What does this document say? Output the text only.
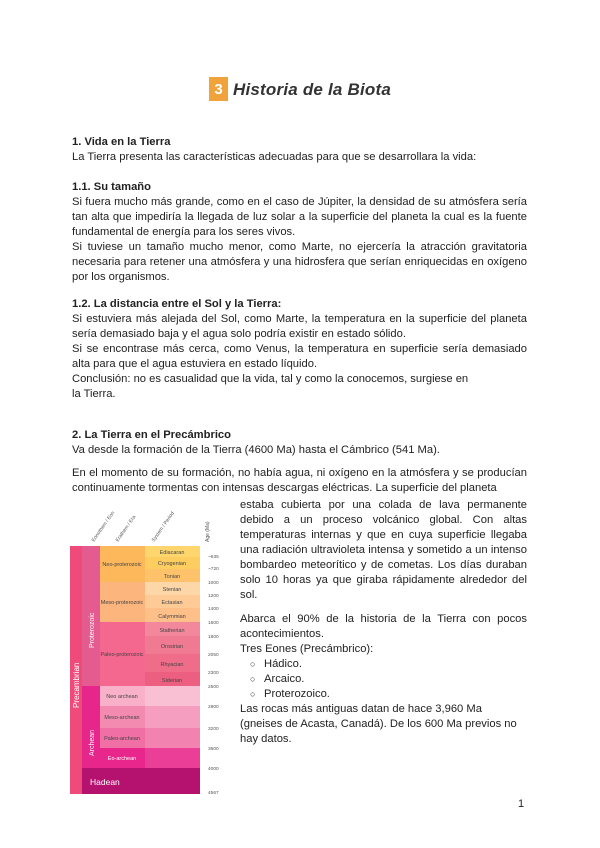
3 Historia de la Biota

1. Vida en la Tierra

La Tierra presenta las características adecuadas para que se desarrollara la vida:

1.1. Su tamaño

Si fuera mucho más grande, como en el caso de Júpiter, la densidad de su atmósfera sería tan alta que impediría la llegada de luz solar a la superficie del planeta la cual es la fuente fundamental de energía para los seres vivos.

Si tuviese un tamaño mucho menor, como Marte, no ejercería la atracción gravitatoria necesaria para retener una atmósfera y una hidrosfera que serían enriquecidas en oxígeno por los organismos.

1.2. La distancia entre el Sol y la Tierra:

Si estuviera más alejada del Sol, como Marte, la temperatura en la superficie del planeta sería demasiado baja y el agua solo podría existir en estado sólido.

Si se encontrase más cerca, como Venus, la temperatura en superficie sería demasiado alta para que el agua estuviera en estado líquido.

Conclusión: no es casualidad que la vida, tal y como la conocemos, surgiese en

la Tierra.

2. La Tierra en el Precámbrico

Va desde la formación de la Tierra (4600 Ma) hasta el Cámbrico (541 Ma).

En el momento de su formación, no había agua, ni oxígeno en la atmósfera y se producían continuamente tormentas con intensas descargas eléctricas. La superficie del planeta

estaba cubierta por una colada de lava permanente debido a un proceso volcánico global. Con altas temperaturas internas y que en cuya superficie llegaba una radiación ultravioleta intensa y sometido a un intenso bombardeo meteorítico y de cometas. Los días duraban solo 10 horas ya que giraba rápidamente alrededor del sol.

Abarca el 90% de la historia de la Tierra con pocos acontecimientos.

Tres Eones (Precámbrico):

○ Hádico.
○ Arcaico.
○ Proterozoico.

Las rocas más antiguas datan de hace 3,960 Ma (gneises de Acasta, Canadá). De los 600 Ma previos no hay datos.

Eonothem / Eon
Erathem / Era	System / Period	Age (Ma)
Precambrian
Proterozoic
Archean
Neo-proterozoic
Meso-proterozoic
Paleo-proterozoic
Neo archean
Meso-archean
Paleo-archean
Eo-archean
Ediacaran
Cryogenian
Tonian
Stenian
Ectasian
Calymmian
Statherian
Orosirian
Rhyacian
Siderian
Hadean
~635
~720
1000
1200
1400
1600
1800
2050
2300
2500
2800
3200
3600
4000
4567
1
